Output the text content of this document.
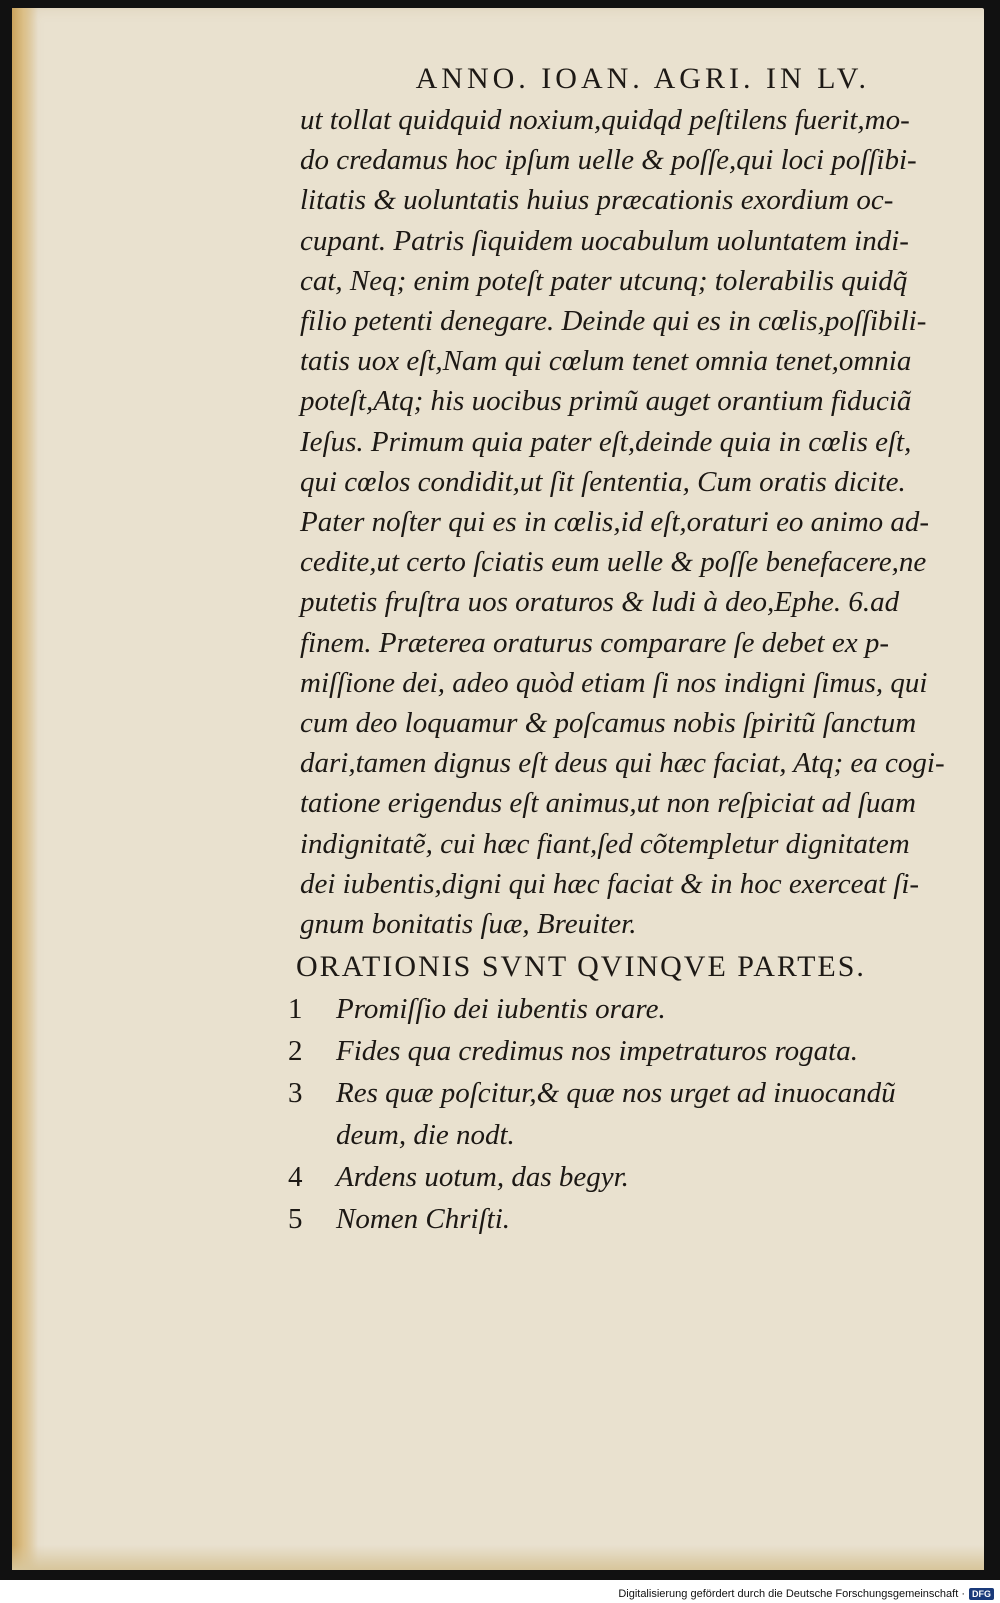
ANNO. IOAN. AGRI. IN LV.
ut tollat quidquid noxium,quidqd peſtilens fuerit,mo-
do credamus hoc ipſum uelle & poſſe,qui loci poſſibi-
litatis & uoluntatis huius præcationis exordium oc-
cupant. Patris ſiquidem uocabulum uoluntatem indi-
cat, Neq; enim poteſt pater utcunq; tolerabilis quidq̃
filio petenti denegare. Deinde qui es in cœlis,poſſibili-
tatis uox eſt,Nam qui cœlum tenet omnia tenet,omnia
poteſt,Atq; his uocibus primũ auget orantium fiduciã
Ieſus. Primum quia pater eſt,deinde quia in cœlis eſt,
qui cœlos condidit,ut ſit ſententia, Cum oratis dicite.
Pater noſter qui es in cœlis,id eſt,oraturi eo animo ad-
cedite,ut certo ſciatis eum uelle & poſſe benefacere,ne
putetis fruſtra uos oraturos & ludi à deo,Ephe. 6.ad
finem. Præterea oraturus comparare ſe debet ex p-
miſſione dei, adeo quòd etiam ſi nos indigni ſimus, qui
cum deo loquamur & poſcamus nobis ſpiritũ ſanctum
dari,tamen dignus eſt deus qui hæc faciat, Atq; ea cogi-
tatione erigendus eſt animus,ut non reſpiciat ad ſuam
indignitatẽ, cui hæc fiant,ſed cõtempletur dignitatem
dei iubentis,digni qui hæc faciat & in hoc exerceat ſi-
gnum bonitatis ſuæ, Breuiter.
ORATIONIS SVNT QVINQVE PARTES.
1 Promiſſio dei iubentis orare.
2 Fides qua credimus nos impetraturos rogata.
3 Res quæ poſcitur,& quæ nos urget ad inuocandũ
deum, die nodt.
4 Ardens uotum, das begyr.
5 Nomen Chriſti.
Digitalisierung gefördert durch die Deutsche Forschungsgemeinschaft · DFG
